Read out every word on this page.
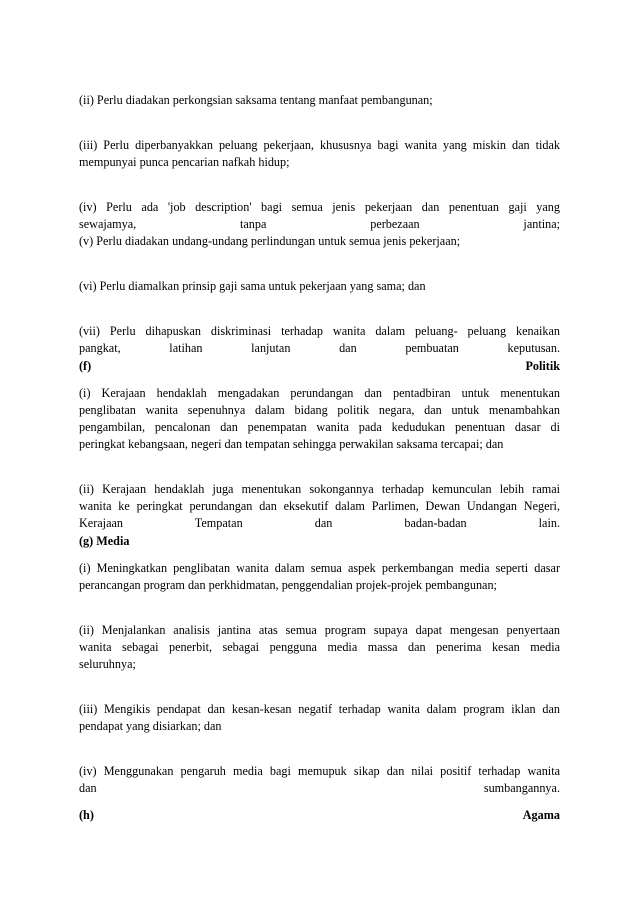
(ii) Perlu diadakan perkongsian saksama tentang manfaat pembangunan;
(iii) Perlu diperbanyakkan peluang pekerjaan, khususnya bagi wanita yang miskin dan tidak
mempunyai punca pencarian nafkah hidup;
(iv) Perlu ada 'job description' bagi semua jenis pekerjaan dan penentuan gaji yang
sewajamya, tanpa perbezaan jantina;
(v) Perlu diadakan undang-undang perlindungan untuk semua jenis pekerjaan;
(vi) Perlu diamalkan prinsip gaji sama untuk pekerjaan yang sama; dan
(vii) Perlu dihapuskan diskriminasi terhadap wanita dalam peluang- peluang kenaikan
pangkat, latihan lanjutan dan pembuatan keputusan.
(i) Kerajaan hendaklah mengadakan perundangan dan pentadbiran untuk menentukan
penglibatan wanita sepenuhnya dalam bidang politik negara, dan untuk menambahkan
pengambilan, pencalonan dan penempatan wanita pada kedudukan penentuan dasar di
peringkat kebangsaan, negeri dan tempatan sehingga perwakilan saksama tercapai; dan
(ii) Kerajaan hendaklah juga menentukan sokongannya terhadap kemunculan lebih ramai
wanita ke peringkat perundangan dan eksekutif dalam Parlimen, Dewan Undangan Negeri,
Kerajaan Tempatan dan badan-badan lain.
(i) Meningkatkan penglibatan wanita dalam semua aspek perkembangan media seperti dasar
perancangan program dan perkhidmatan, penggendalian projek-projek pembangunan;
(ii) Menjalankan analisis jantina atas semua program supaya dapat mengesan penyertaan
wanita sebagai penerbit, sebagai pengguna media massa dan penerima kesan media
seluruhnya;
(iii) Mengikis pendapat dan kesan-kesan negatif terhadap wanita dalam program iklan dan
pendapat yang disiarkan; dan
(iv) Menggunakan pengaruh media bagi memupuk sikap dan nilai positif terhadap wanita
dan sumbangannya.
(f)	Politik
(g) Media
(h)	Agama
